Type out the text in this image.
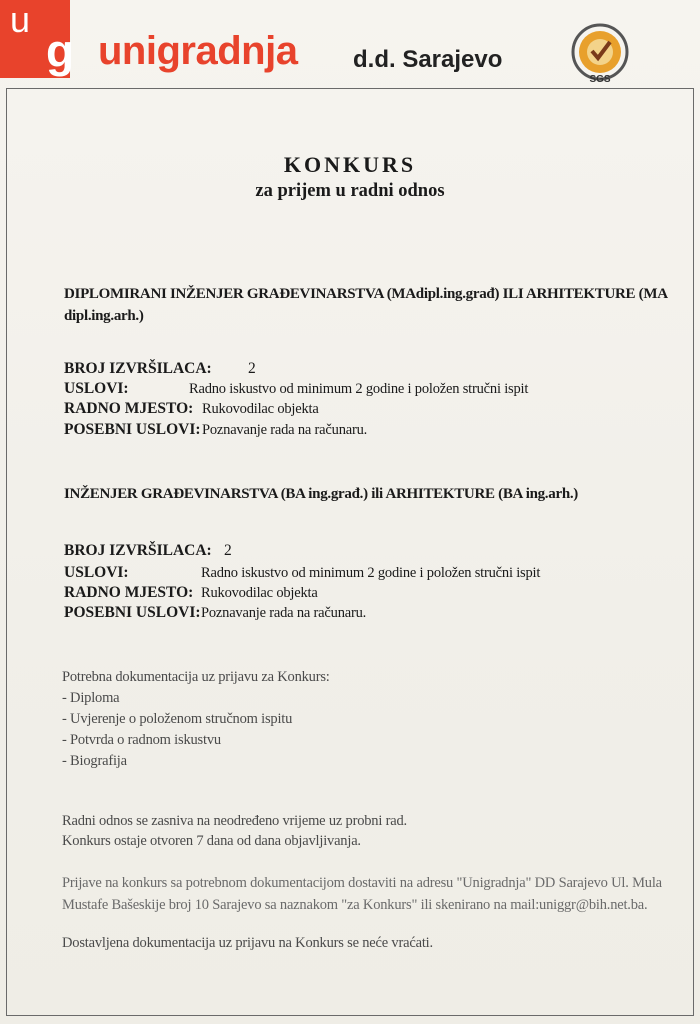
u
g unigradnja d.d. Sarajevo
SGS
KONKURS
za prijem u radni odnos
DIPLOMIRANI INŽENJER GRAĐEVINARSTVA (MAdipl.ing.građ) ILI ARHITEKTURE (MA dipl.ing.arh.)
BROJ IZVRŠILACA: 2
USLOVI:	Radno iskustvo od minimum 2 godine i položen stručni ispit
RADNO MJESTO: Rukovodilac objekta
POSEBNI USLOVI: Poznavanje rada na računaru.
INŽENJER GRAĐEVINARSTVA (BA ing.građ.) ili ARHITEKTURE (BA ing.arh.)
BROJ IZVRŠILACA: 2
USLOVI:	Radno iskustvo od minimum 2 godine i položen stručni ispit
RADNO MJESTO: Rukovodilac objekta
POSEBNI USLOVI: Poznavanje rada na računaru.
Potrebna dokumentacija uz prijavu za Konkurs:
- Diploma
- Uvjerenje o položenom stručnom ispitu
- Potvrda o radnom iskustvu
- Biografija
Radni odnos se zasniva na neodređeno vrijeme uz probni rad.
Konkurs ostaje otvoren 7 dana od dana objavljivanja.
Prijave na konkurs sa potrebnom dokumentacijom dostaviti na adresu "Unigradnja" DD Sarajevo Ul. Mula Mustafe Bašeskije broj 10 Sarajevo sa naznakom "za Konkurs" ili skenirano na mail:uniggr@bih.net.ba.
Dostavljena dokumentacija uz prijavu na Konkurs se neće vraćati.
